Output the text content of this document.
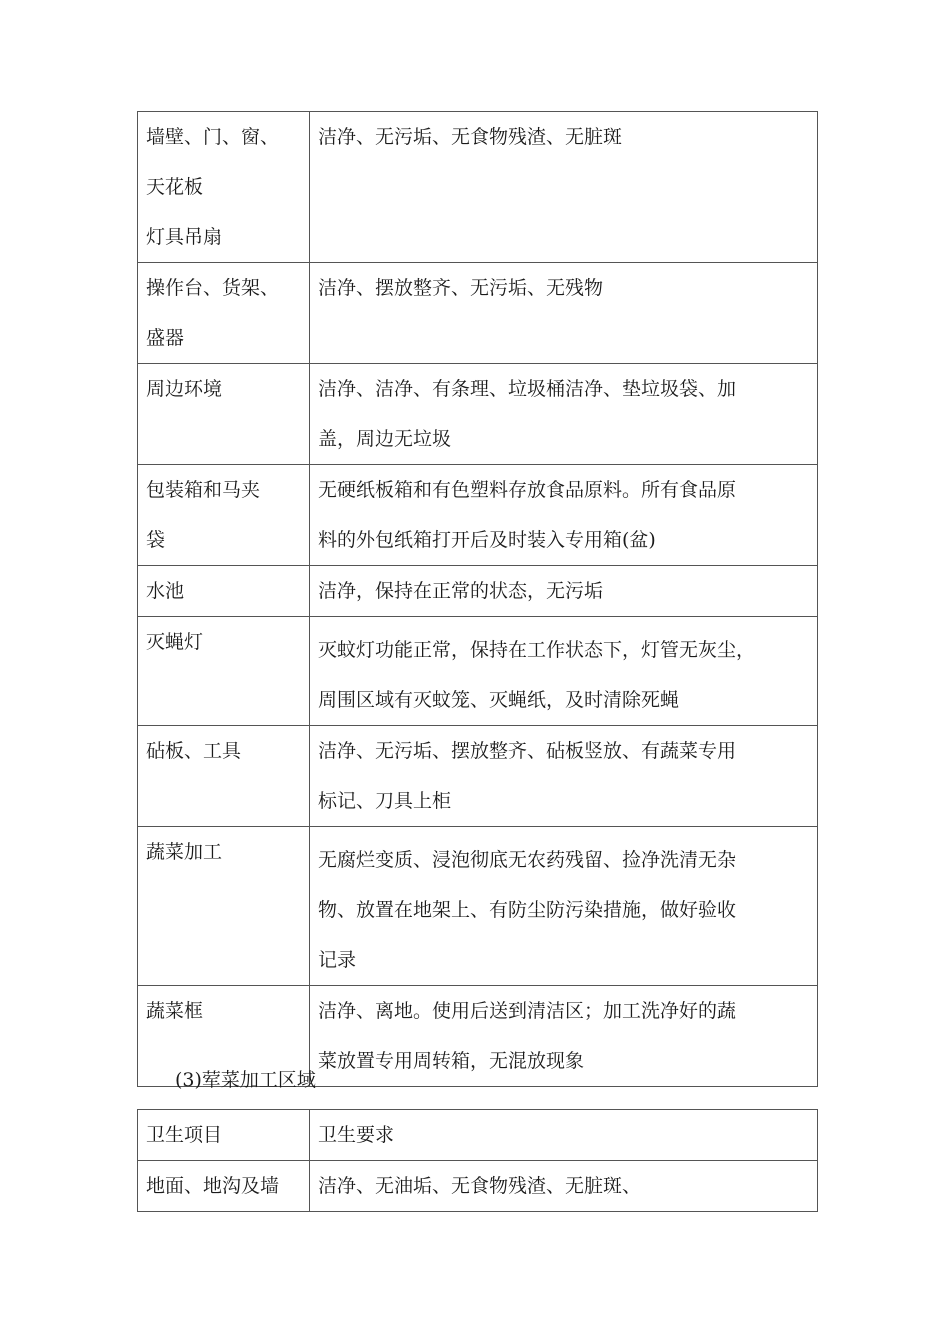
墙壁、门、窗、
天花板
灯具吊扇	洁净、无污垢、无食物残渣、无脏斑

操作台、货架、
盛器	洁净、摆放整齐、无污垢、无残物

周边环境	洁净、洁净、有条理、垃圾桶洁净、垫垃圾袋、加
盖，周边无垃圾

包装箱和马夹
袋	无硬纸板箱和有色塑料存放食品原料。所有食品原
料的外包纸箱打开后及时装入专用箱(盆)

水池	洁净，保持在正常的状态，无污垢

灭蝇灯	灭蚊灯功能正常，保持在工作状态下，灯管无灰尘，
周围区域有灭蚊笼、灭蝇纸，及时清除死蝇

砧板、工具	洁净、无污垢、摆放整齐、砧板竖放、有蔬菜专用
标记、刀具上柜

蔬菜加工	无腐烂变质、浸泡彻底无农药残留、捡净洗清无杂
物、放置在地架上、有防尘防污染措施，做好验收
记录

蔬菜框	洁净、离地。使用后送到清洁区；加工洗净好的蔬
菜放置专用周转箱，无混放现象
(3)荤菜加工区域
卫生项目	卫生要求
地面、地沟及墙	洁净、无油垢、无食物残渣、无脏斑、
